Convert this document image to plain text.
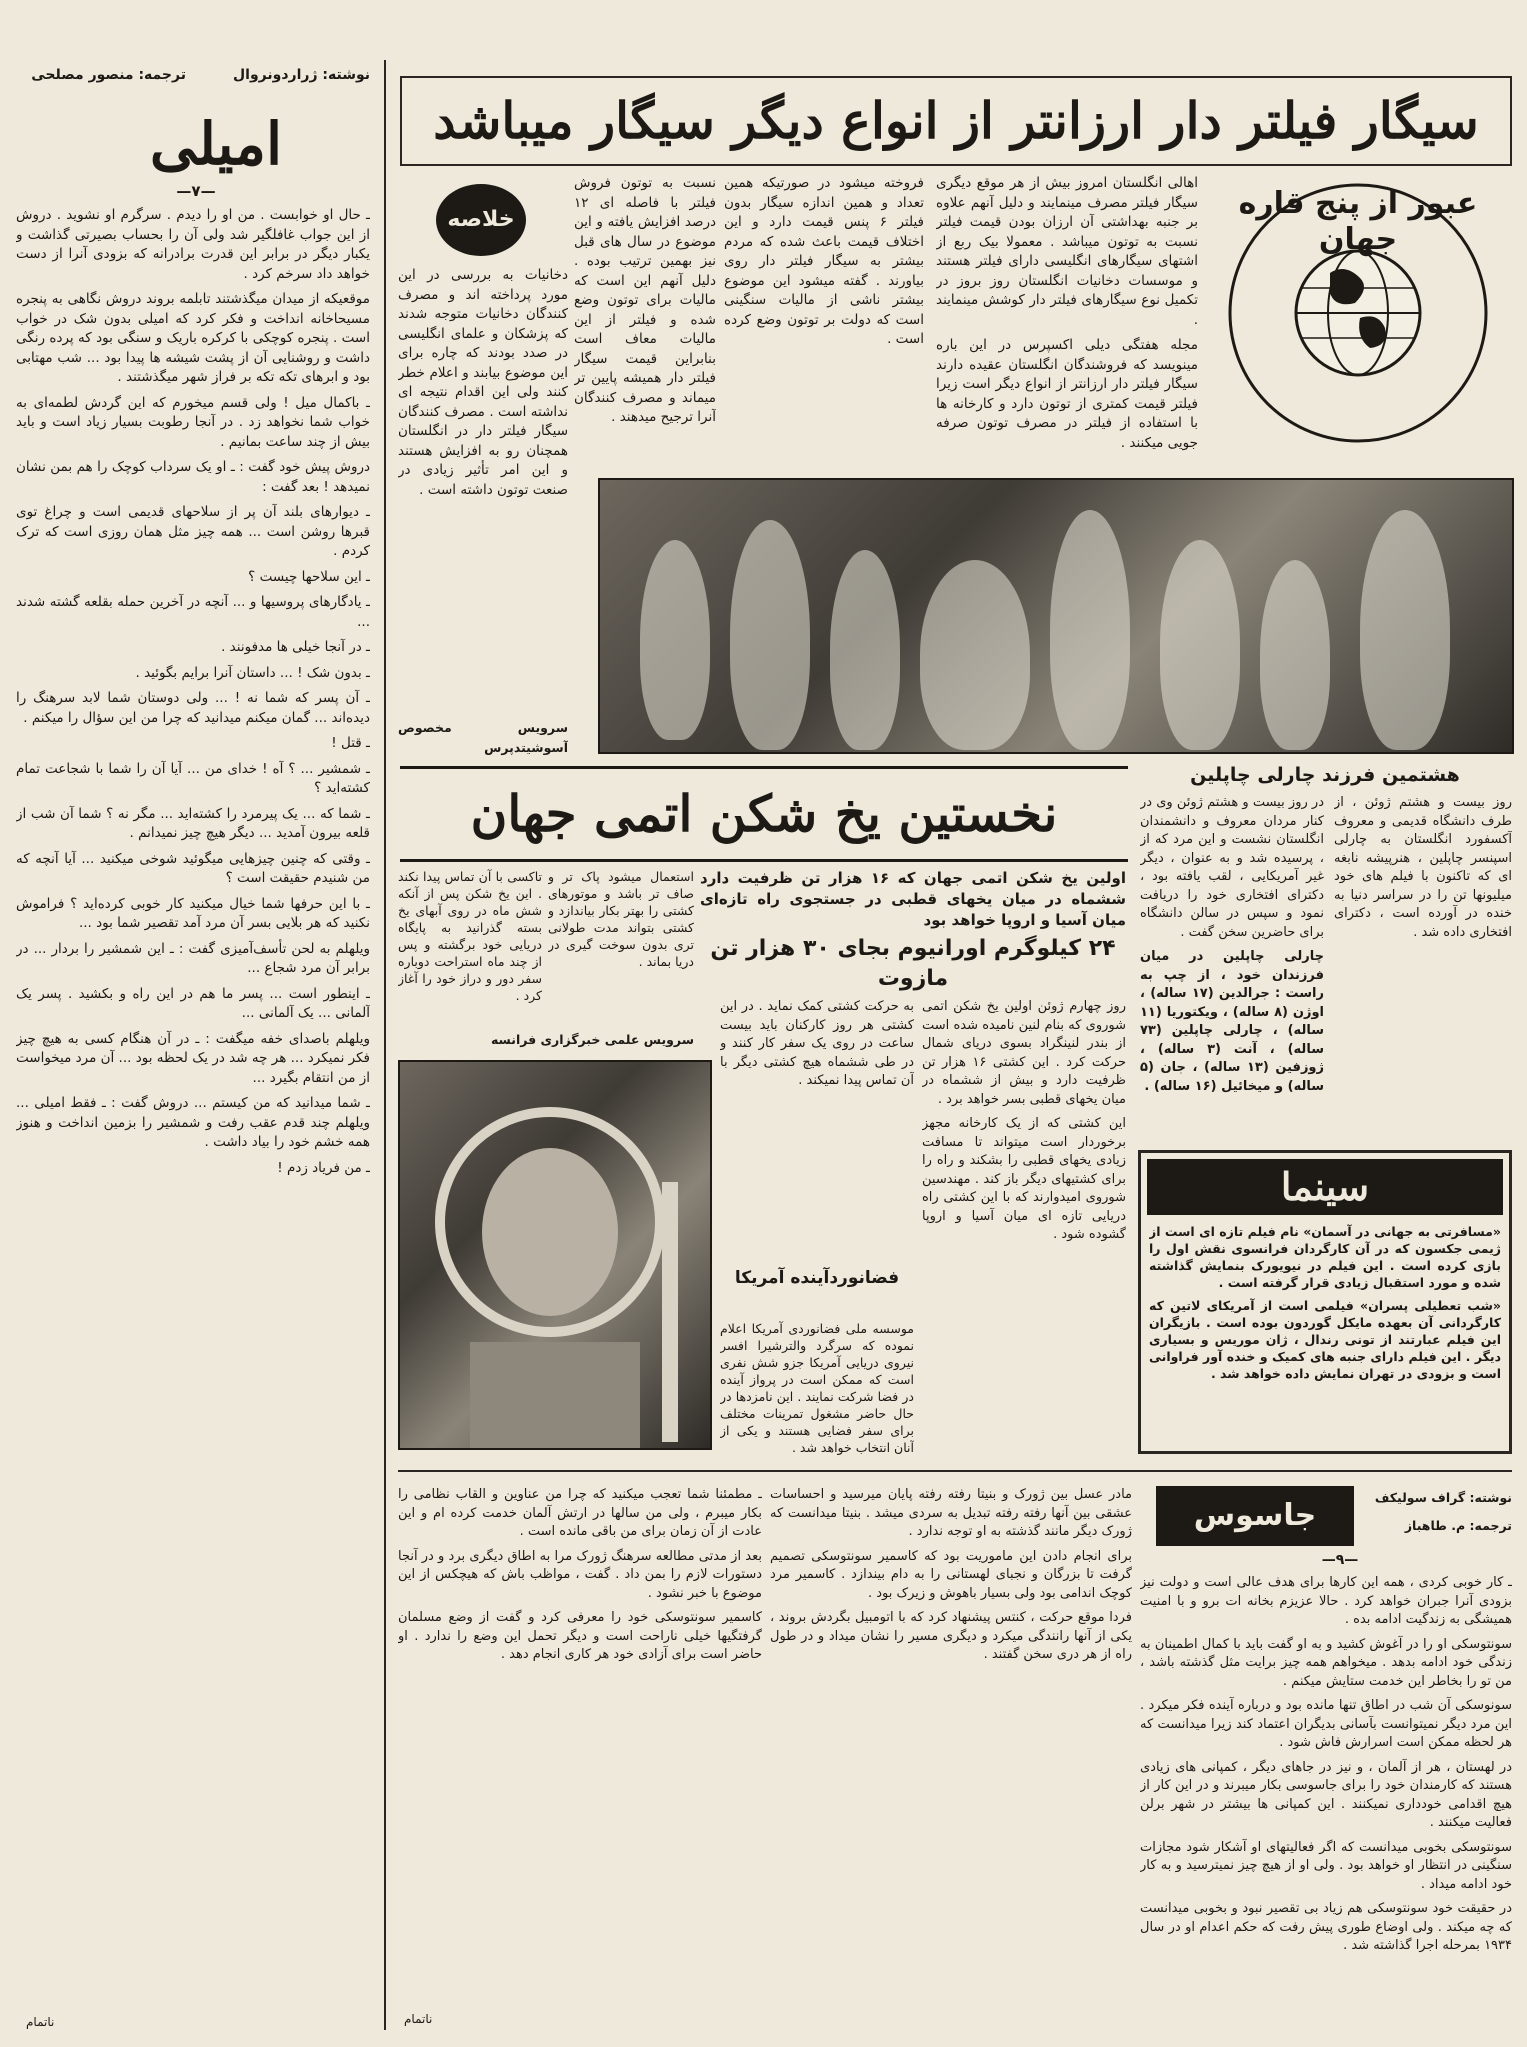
نوشته: ژراردونروال
ترجمه: منصور مصلحی
امیلی
—۷—

ـ حال او خوابست . من او را دیدم . سرگرم او نشوید . دروش از این جواب غافلگیر شد ولی آن را بحساب بصیرتی گذاشت و یکبار دیگر در برابر این قدرت برادرانه که بزودی آنرا از دست خواهد داد سرخم کرد .

موقعیکه از میدان میگذشتند تابلمه بروند دروش نگاهی به پنجره مسیحاخانه انداخت و فکر کرد که امیلی بدون شک در خواب است . پنجره کوچکی با کرکره باریک و سنگی بود که پرده رنگی داشت و روشنایی آن از پشت شیشه ها پیدا بود ... شب مهتابی بود و ابرهای تکه تکه بر فراز شهر میگذشتند .

ـ باکمال میل ! ولی قسم میخورم که این گردش لطمه‌ای به خواب شما نخواهد زد . در آنجا رطوبت بسیار زیاد است و باید بیش از چند ساعت بمانیم .

دروش پیش خود گفت : ـ او یک سرداب کوچک را هم بمن نشان نمیدهد ! بعد گفت :

ـ دیوارهای بلند آن پر از سلاحهای قدیمی است و چراغ توی قبرها روشن است ... همه چیز مثل همان روزی است که ترک کردم .

ـ این سلاحها چیست ؟

ـ یادگارهای پروسیها و ... آنچه در آخرین حمله بقلعه گشته شدند ...

ـ در آنجا خیلی ها مدفونند .

ـ بدون شک ! ... داستان آنرا برایم بگوئید .

ـ آن پسر که شما نه ! ... ولی دوستان شما لابد سرهنگ را دیده‌اند ... گمان میکنم میدانید که چرا من این سؤال را میکنم .

ـ قتل !

ـ شمشیر ... ؟ آه ! خدای من ... آیا آن را شما با شجاعت تمام کشته‌اید ؟

ـ شما که ... یک پیرمرد را کشته‌اید ... مگر نه ؟ شما آن شب از قلعه بیرون آمدید ... دیگر هیچ چیز نمیدانم .

ـ وقتی که چنین چیزهایی میگوئید شوخی میکنید ... آیا آنچه که من شنیدم حقیقت است ؟

ـ با این حرفها شما خیال میکنید کار خوبی کرده‌اید ؟ فراموش نکنید که هر بلایی بسر آن مرد آمد تقصیر شما بود ...

ویلهلم به لحن تأسف‌آمیزی گفت : ـ این شمشیر را بردار ... در برابر آن مرد شجاع ...

ـ اینطور است ... پسر ما هم در این راه و بکشید . پسر یک آلمانی ... یک آلمانی ...

ویلهلم باصدای خفه میگفت : ـ در آن هنگام کسی به هیچ چیز فکر نمیکرد ... هر چه شد در یک لحظه بود ... آن مرد میخواست از من انتقام بگیرد ...

ـ شما میدانید که من کیستم ... دروش گفت : ـ فقط امیلی ... ویلهلم چند قدم عقب رفت و شمشیر را بزمین انداخت و هنوز همه خشم خود را بیاد داشت .

ـ من فریاد زدم !

ناتمام
سیگار فیلتر دار ارزانتر از انواع دیگر سیگار میباشد
عبور از پنج قاره جهان

اهالی انگلستان امروز بیش از هر موقع دیگری سیگار فیلتر مصرف مینمایند و دلیل آنهم علاوه بر جنبه بهداشتی آن ارزان بودن قیمت فیلتر نسبت به توتون میباشد . معمولا بیک ربع از اشتهای سیگارهای انگلیسی دارای فیلتر هستند و موسسات دخانیات انگلستان روز بروز در تکمیل نوع سیگارهای فیلتر دار کوشش مینمایند .

مجله هفتگی دیلی اکسپرس در این باره مینویسد که فروشندگان انگلستان عقیده دارند سیگار فیلتر دار ارزانتر از انواع دیگر است زیرا فیلتر قیمت کمتری از توتون دارد و کارخانه ها با استفاده از فیلتر در مصرف توتون صرفه جویی میکنند .

فروخته میشود در صورتیکه همین تعداد و همین اندازه سیگار بدون فیلتر ۶ پنس قیمت دارد و این اختلاف قیمت باعث شده که مردم بیشتر به سیگار فیلتر دار روی بیاورند . گفته میشود این موضوع بیشتر ناشی از مالیات سنگینی است که دولت بر توتون وضع کرده است .

نسبت به توتون فروش فیلتر با فاصله ای ۱۲ درصد افزایش یافته و این موضوع در سال های قبل نیز بهمین ترتیب بوده . دلیل آنهم این است که مالیات برای توتون وضع شده و فیلتر از این مالیات معاف است بنابراین قیمت سیگار فیلتر دار همیشه پایین تر میماند و مصرف کنندگان آنرا ترجیح میدهند .

خلاصه

دخانیات به بررسی در این مورد پرداخته اند و مصرف کنندگان دخانیات متوجه شدند که پزشکان و علمای انگلیسی در صدد بودند که چاره برای این موضوع بیابند و اعلام خطر کنند ولی این اقدام نتیجه ای نداشته است . مصرف کنندگان سیگار فیلتر دار در انگلستان همچنان رو به افزایش هستند و این امر تأثیر زیادی در صنعت توتون داشته است .

سرویس مخصوص آسوشیتدپرس
هشتمین فرزند چارلی چاپلین

روز بیست و هشتم ژوئن ، از طرف دانشگاه قدیمی و معروف آکسفورد انگلستان به چارلی اسپنسر چاپلین ، هنرپیشه نابغه ای که تاکنون با فیلم های خود میلیونها تن را در سراسر دنیا به خنده در آورده است ، دکترای افتخاری داده شد .

در روز بیست و هشتم ژوئن وی در کنار مردان معروف و دانشمندان انگلستان نشست و این مرد که از ، پرسیده شد و به عنوان ، دیگر غیر آمریکایی ، لقب یافته بود ، دکترای افتخاری خود را دریافت نمود و سپس در سالن دانشگاه برای حاضرین سخن گفت .

چارلی چاپلین در میان فرزندان خود ، از چپ به راست : جرالدین (۱۷ ساله) ، اوژن (۸ ساله) ، ویکتوریا (۱۱ ساله) ، چارلی چاپلین (۷۳ ساله) ، آنت (۳ ساله) ، ژوزفین (۱۳ ساله) ، جان (۵ ساله) و میخائیل (۱۶ ساله) .

نخستین یخ شکن اتمی جهان
اولین یخ شکن اتمی جهان که ۱۶ هزار تن ظرفیت دارد ششماه در میان یخهای قطبی در جستجوی راه تازه‌ای میان آسیا و اروپا خواهد بود
۲۴ کیلوگرم اورانیوم بجای ۳۰ هزار تن مازوت

استعمال میشود پاک تر و صاف تر باشد و موتورهای کشتی را بهتر بکار بیاندازد و کشتی بتواند مدت طولانی تری بدون سوخت گیری در دریا بماند .

تاکسی با آن تماس پیدا نکند . این یخ شکن پس از آنکه شش ماه در روی آبهای یخ بسته گذرانید به پایگاه دریایی خود برگشته و پس از چند ماه استراحت دوباره سفر دور و دراز خود را آغاز کرد .

سرویس علمی خبرگزاری فرانسه

روز چهارم ژوئن اولین یخ شکن اتمی شوروی که بنام لنین نامیده شده است از بندر لنینگراد بسوی دریای شمال حرکت کرد . این کشتی ۱۶ هزار تن ظرفیت دارد و بیش از ششماه در میان یخهای قطبی بسر خواهد برد .

این کشتی که از یک کارخانه مجهز برخوردار است میتواند تا مسافت زیادی یخهای قطبی را بشکند و راه را برای کشتیهای دیگر باز کند . مهندسین شوروی امیدوارند که با این کشتی راه دریایی تازه ای میان آسیا و اروپا گشوده شود .

به حرکت کشتی کمک نماید . در این کشتی هر روز کارکنان باید بیست ساعت در روی یک سفر کار کنند و در طی ششماه هیچ کشتی دیگر با آن تماس پیدا نمیکند .

فضانوردآینده آمریکا
موسسه ملی فضانوردی آمریکا اعلام نموده که سرگرد والترشیرا افسر نیروی دریایی آمریکا جزو شش نفری است که ممکن است در پرواز آینده در فضا شرکت نمایند . این نامزدها در حال حاضر مشغول تمرینات مختلف برای سفر فضایی هستند و یکی از آنان انتخاب خواهد شد .
سینما

«مسافرتی به جهانی در آسمان» نام فیلم تازه ای است از ژیمی جکسون که در آن کارگردان فرانسوی نقش اول را بازی کرده است . این فیلم در نیویورک بنمایش گذاشته شده و مورد استقبال زیادی قرار گرفته است .

«شب تعطیلی پسران» فیلمی است از آمریکای لاتین که کارگردانی آن بعهده مایکل گوردون بوده است . بازیگران این فیلم عبارتند از تونی رندال ، ژان موریس و بسیاری دیگر . این فیلم دارای جنبه های کمیک و خنده آور فراوانی است و بزودی در تهران نمایش داده خواهد شد .

جاسوس
نوشته: گراف سولیکف
ترجمه: م. طاهباز
—۹—

ـ کار خوبی کردی ، همه این کارها برای هدف عالی است و دولت نیز بزودی آنرا جبران خواهد کرد . حالا عزیزم بخانه ات برو و با امنیت همیشگی به زندگیت ادامه بده .

سونتوسکی او را در آغوش کشید و به او گفت باید با کمال اطمینان به زندگی خود ادامه بدهد . میخواهم همه چیز برایت مثل گذشته باشد ، من تو را بخاطر این خدمت ستایش میکنم .

سونوسکی آن شب در اطاق تنها مانده بود و درباره آینده فکر میکرد . این مرد دیگر نمیتوانست بآسانی بدیگران اعتماد کند زیرا میدانست که هر لحظه ممکن است اسرارش فاش شود .

در لهستان ، هر از آلمان ، و نیز در جاهای دیگر ، کمپانی های زیادی هستند که کارمندان خود را برای جاسوسی بکار میبرند و در این کار از هیچ اقدامی خودداری نمیکنند . این کمپانی ها بیشتر در شهر برلن فعالیت میکنند .

سونتوسکی بخوبی میدانست که اگر فعالیتهای او آشکار شود مجازات سنگینی در انتظار او خواهد بود . ولی او از هیچ چیز نمیترسید و به کار خود ادامه میداد .

در حقیقت خود سونتوسکی هم زیاد بی تقصیر نبود و بخوبی میدانست که چه میکند . ولی اوضاع طوری پیش رفت که حکم اعدام او در سال ۱۹۳۴ بمرحله اجرا گذاشته شد .

مادر عسل بین ژورک و بنیتا رفته رفته پایان میرسید و احساسات عشقی بین آنها رفته رفته تبدیل به سردی میشد . بنیتا میدانست که ژورک دیگر مانند گذشته به او توجه ندارد .

برای انجام دادن این ماموریت بود که کاسمیر سونتوسکی تصمیم گرفت تا بزرگان و نجبای لهستانی را به دام بیندازد . کاسمیر مرد کوچک اندامی بود ولی بسیار باهوش و زیرک بود .

فردا موقع حرکت ، کنتس پیشنهاد کرد که با اتومبیل بگردش بروند ، یکی از آنها رانندگی میکرد و دیگری مسیر را نشان میداد و در طول راه از هر دری سخن گفتند .

ـ مطمئنا شما تعجب میکنید که چرا من عناوین و القاب نظامی را بکار میبرم ، ولی من سالها در ارتش آلمان خدمت کرده ام و این عادت از آن زمان برای من باقی مانده است .

بعد از مدتی مطالعه سرهنگ ژورک مرا به اطاق دیگری برد و در آنجا دستورات لازم را بمن داد . گفت ، مواظب باش که هیچکس از این موضوع با خبر نشود .

کاسمیر سونتوسکی خود را معرفی کرد و گفت از وضع مسلمان گرفتگیها خیلی ناراحت است و دیگر تحمل این وضع را ندارد . او حاضر است برای آزادی خود هر کاری انجام دهد .

ناتمام
